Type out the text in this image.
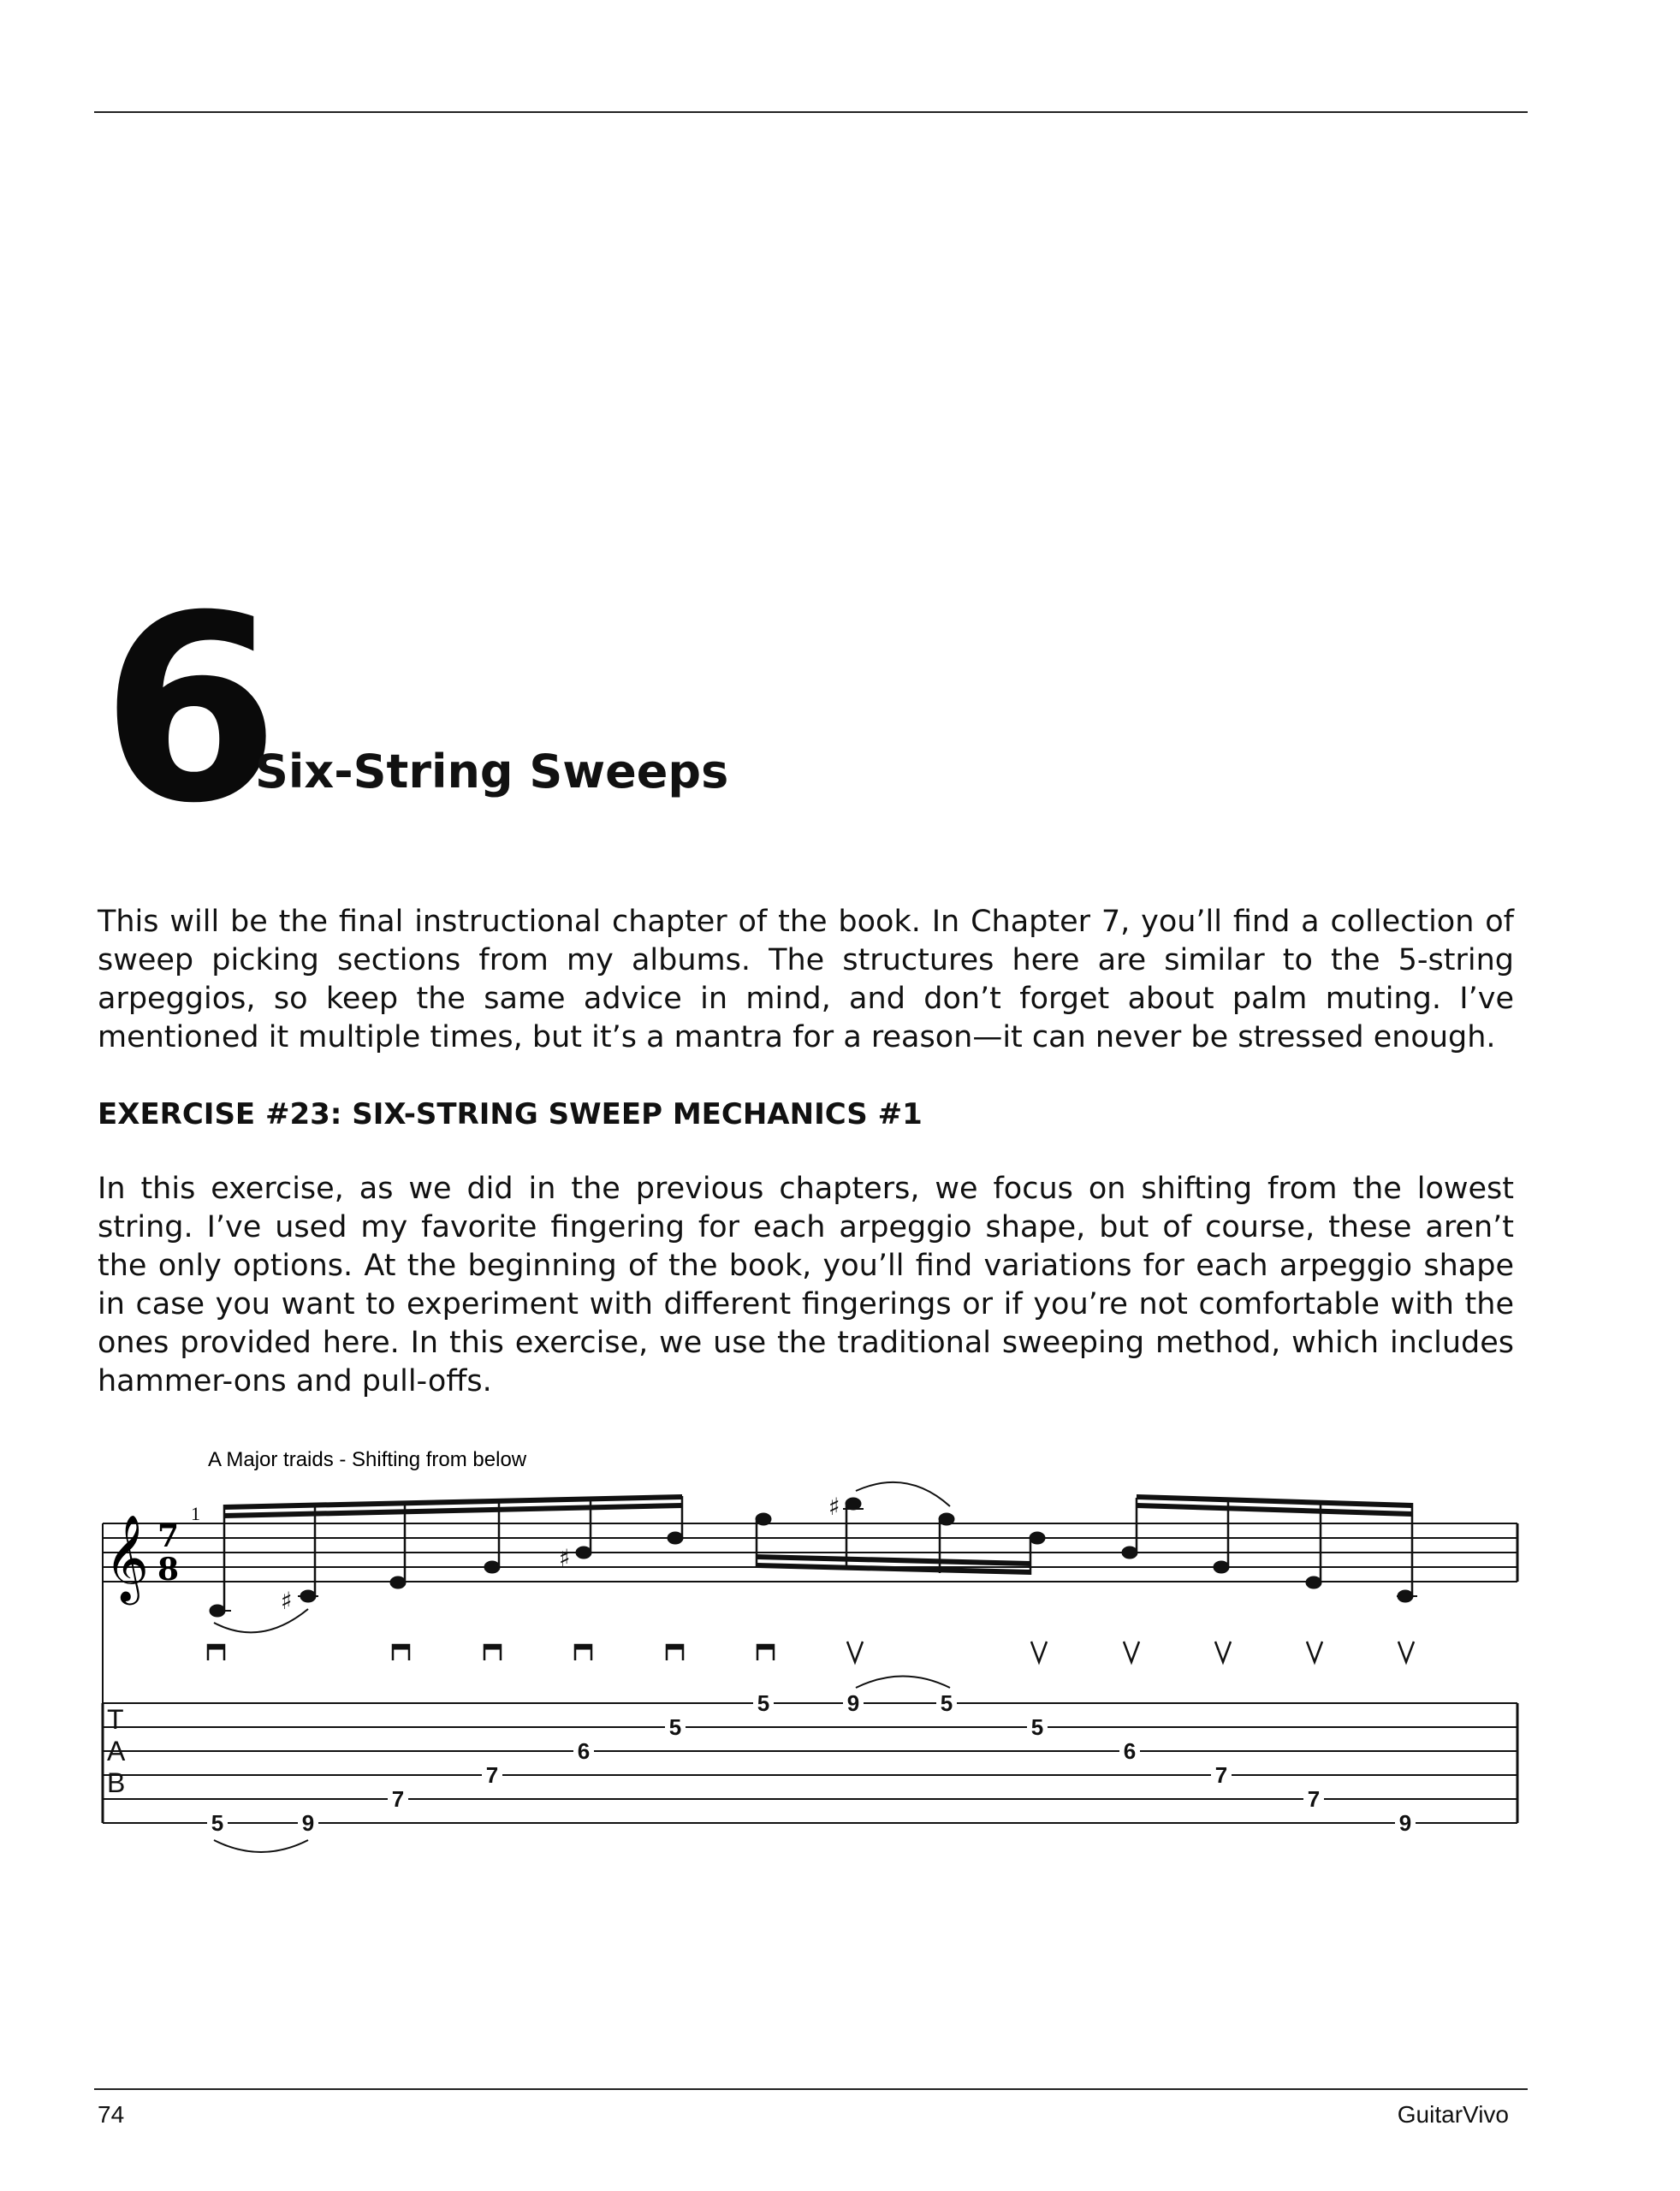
6
Six-String Sweeps

This will be the final instructional chapter of the book. In Chapter 7, you’ll find a collection of sweep picking sections from my albums. The structures here are similar to the 5-string arpeggios, so keep the same advice in mind, and don’t forget about palm muting. I’ve mentioned it multiple times, but it’s a mantra for a reason—it can never be stressed enough.

EXERCISE #23: SIX-STRING SWEEP MECHANICS #1

In this exercise, as we did in the previous chapters, we focus on shifting from the lowest string. I’ve used my favorite fingering for each arpeggio shape, but of course, these aren’t the only options. At the beginning of the book, you’ll find variations for each arpeggio shape in case you want to experiment with different fingerings or if you’re not comfortable with the ones provided here. In this exercise, we use the traditional sweeping method, which includes hammer-ons and pull-offs.

A Major traids - Shifting from below
1
𝄞 7
8
♯
♯
♯
T
A
B
5	9
7
7
6
5
5	9	5
5
6
7
7
9
74	GuitarVivo
